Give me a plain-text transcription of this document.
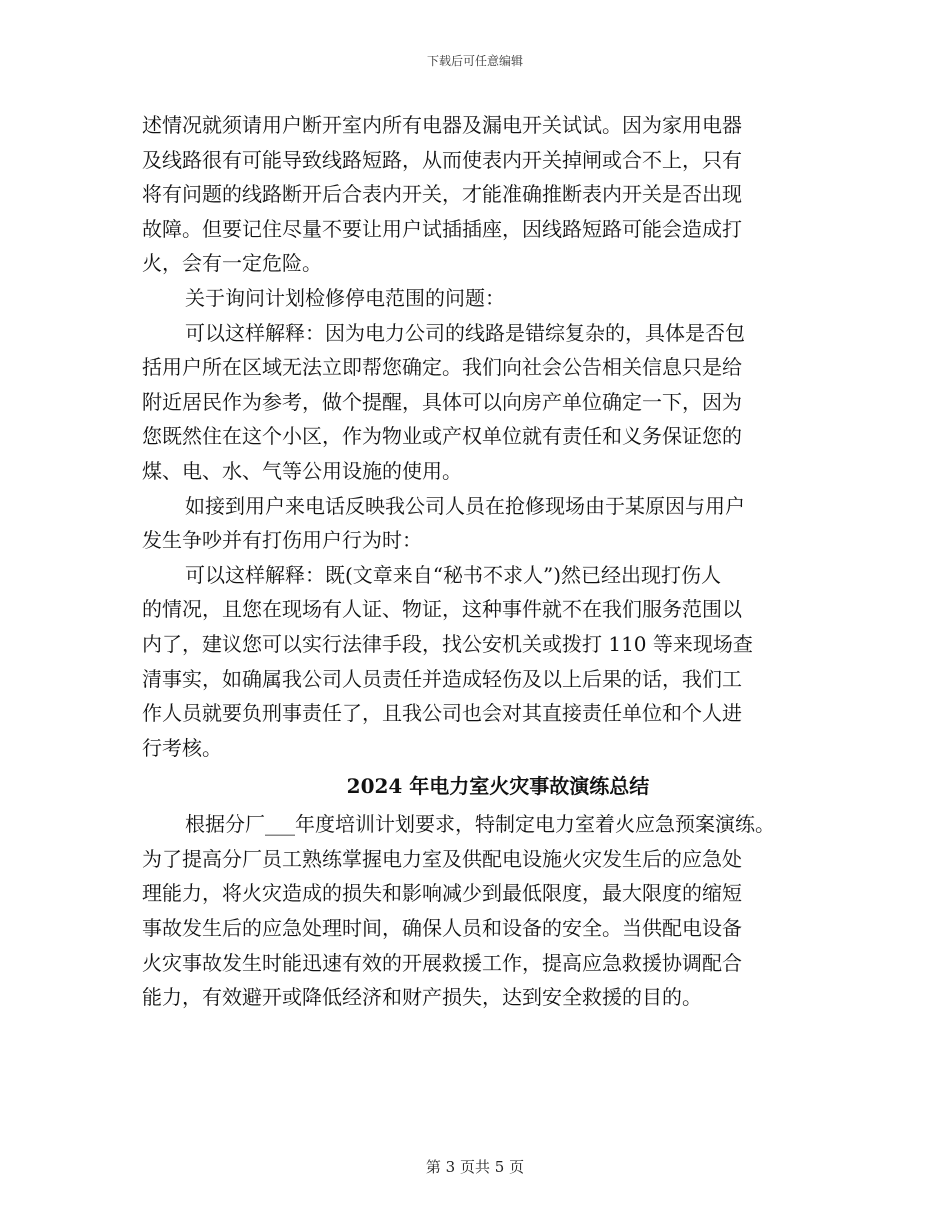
下载后可任意编辑
述情况就须请用户断开室内所有电器及漏电开关试试。因为家用电器
及线路很有可能导致线路短路，从而使表内开关掉闸或合不上，只有
将有问题的线路断开后合表内开关，才能准确推断表内开关是否出现
故障。但要记住尽量不要让用户试插插座，因线路短路可能会造成打
火，会有一定危险。
关于询问计划检修停电范围的问题：
可以这样解释：因为电力公司的线路是错综复杂的，具体是否包
括用户所在区域无法立即帮您确定。我们向社会公告相关信息只是给
附近居民作为参考，做个提醒，具体可以向房产单位确定一下，因为
您既然住在这个小区，作为物业或产权单位就有责任和义务保证您的
煤、电、水、气等公用设施的使用。
如接到用户来电话反映我公司人员在抢修现场由于某原因与用户
发生争吵并有打伤用户行为时：
可以这样解释：既(文章来自“秘书不求人”)然已经出现打伤人
的情况，且您在现场有人证、物证，这种事件就不在我们服务范围以
内了，建议您可以实行法律手段，找公安机关或拨打 110 等来现场查
清事实，如确属我公司人员责任并造成轻伤及以上后果的话，我们工
作人员就要负刑事责任了，且我公司也会对其直接责任单位和个人进
行考核。
2024 年电力室火灾事故演练总结
根据分厂___年度培训计划要求，特制定电力室着火应急预案演练。
为了提高分厂员工熟练掌握电力室及供配电设施火灾发生后的应急处
理能力，将火灾造成的损失和影响减少到最低限度，最大限度的缩短
事故发生后的应急处理时间，确保人员和设备的安全。当供配电设备
火灾事故发生时能迅速有效的开展救援工作，提高应急救援协调配合
能力，有效避开或降低经济和财产损失，达到安全救援的目的。
第 3 页共 5 页
